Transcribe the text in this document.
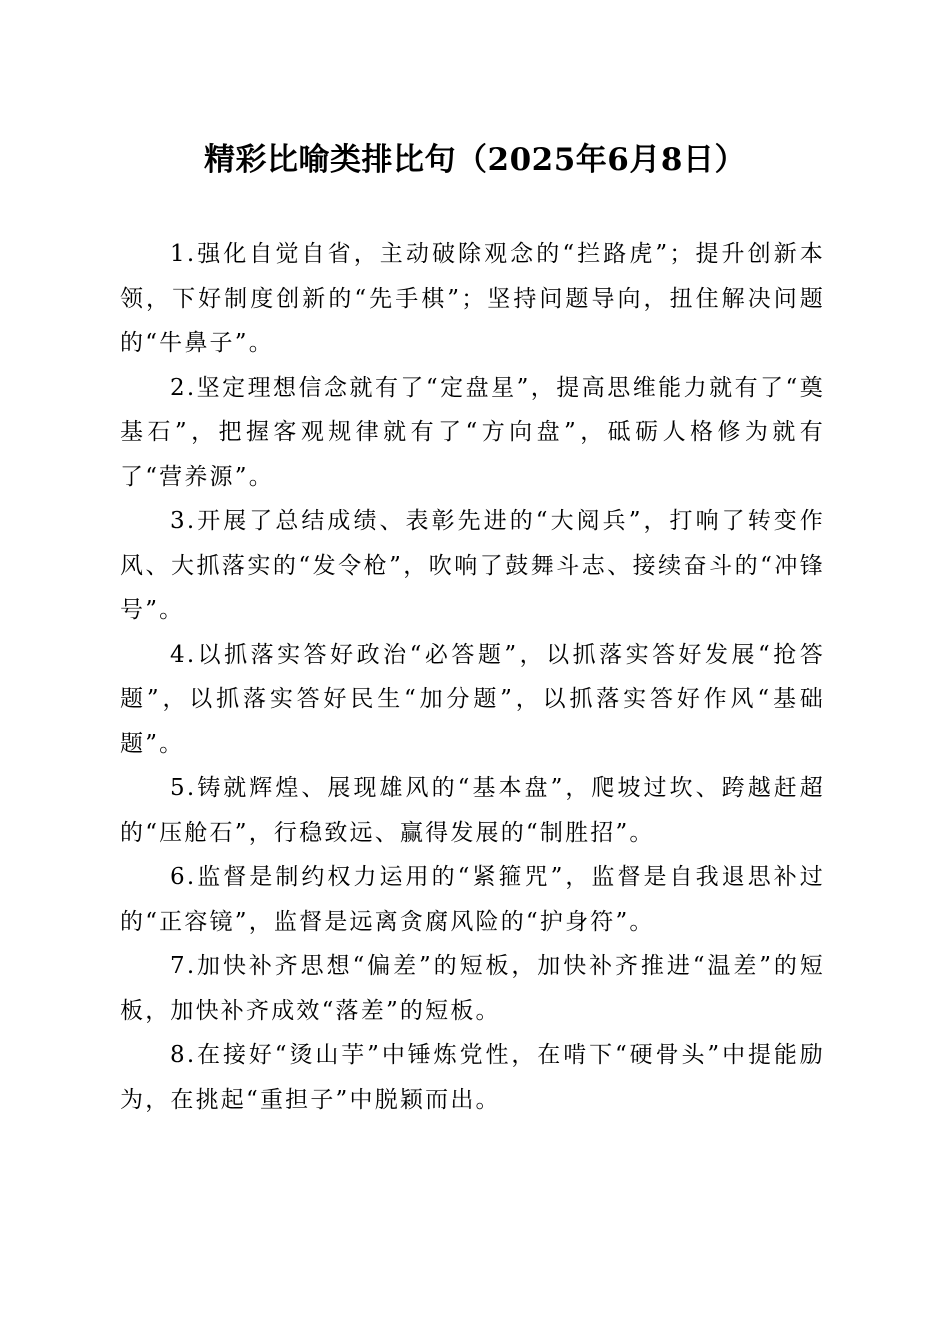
精彩比喻类排比句（2025年6月8日）

1.强化自觉自省，主动破除观念的“拦路虎”；提升创新本领，下好制度创新的“先手棋”；坚持问题导向，扭住解决问题的“牛鼻子”。

2.坚定理想信念就有了“定盘星”，提高思维能力就有了“奠基石”，把握客观规律就有了“方向盘”，砥砺人格修为就有了“营养源”。

3.开展了总结成绩、表彰先进的“大阅兵”，打响了转变作风、大抓落实的“发令枪”，吹响了鼓舞斗志、接续奋斗的“冲锋号”。

4.以抓落实答好政治“必答题”，以抓落实答好发展“抢答题”，以抓落实答好民生“加分题”，以抓落实答好作风“基础题”。

5.铸就辉煌、展现雄风的“基本盘”，爬坡过坎、跨越赶超的“压舱石”，行稳致远、赢得发展的“制胜招”。

6.监督是制约权力运用的“紧箍咒”，监督是自我退思补过的“正容镜”，监督是远离贪腐风险的“护身符”。

7.加快补齐思想“偏差”的短板，加快补齐推进“温差”的短板，加快补齐成效“落差”的短板。

8.在接好“烫山芋”中锤炼党性，在啃下“硬骨头”中提能励为，在挑起“重担子”中脱颖而出。
